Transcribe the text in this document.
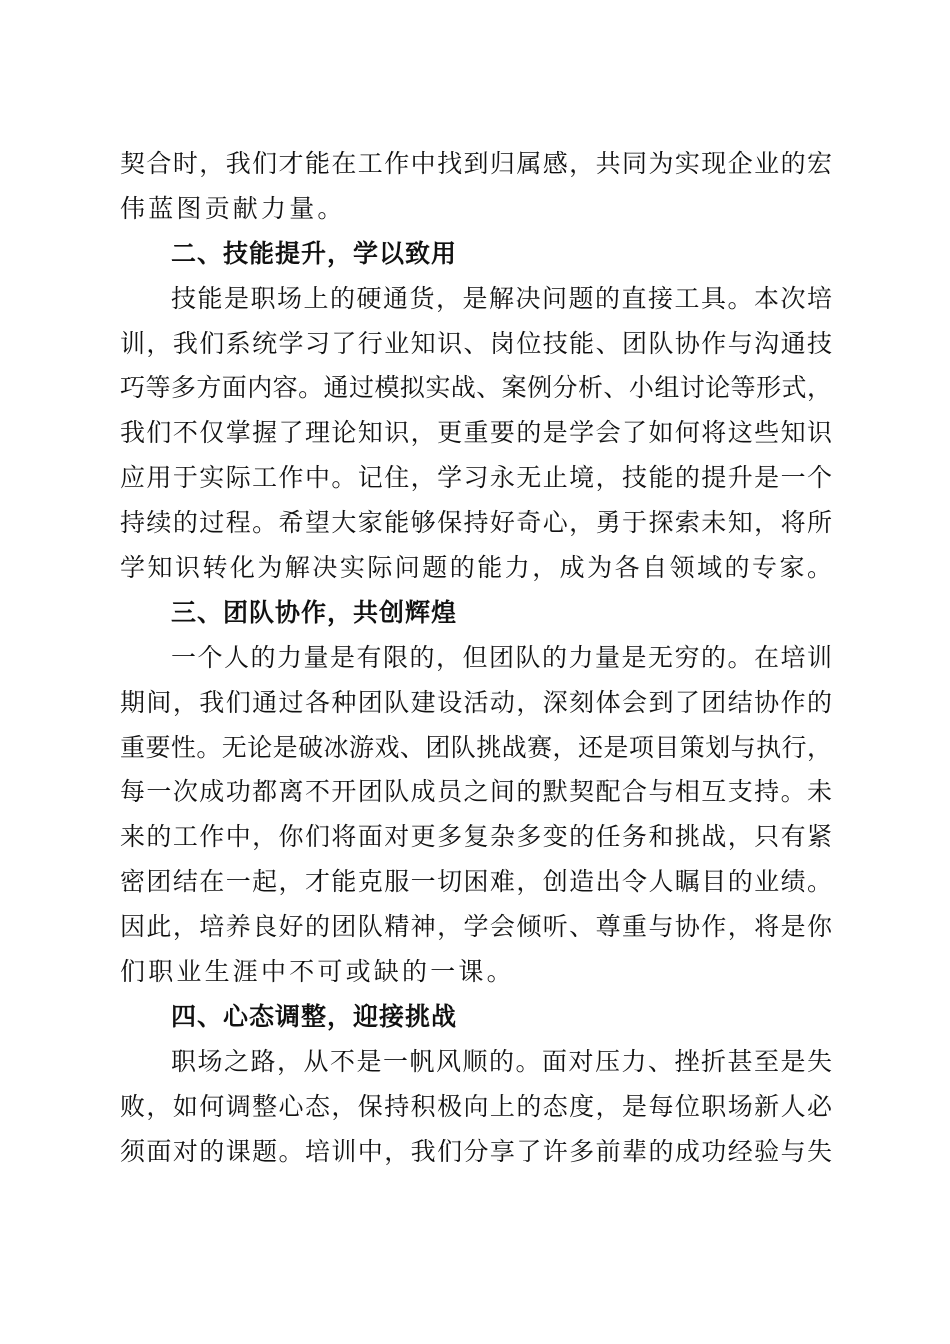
契合时，我们才能在工作中找到归属感，共同为实现企业的宏
伟蓝图贡献力量。
二、技能提升，学以致用
技能是职场上的硬通货，是解决问题的直接工具。本次培
训，我们系统学习了行业知识、岗位技能、团队协作与沟通技
巧等多方面内容。通过模拟实战、案例分析、小组讨论等形式，
我们不仅掌握了理论知识，更重要的是学会了如何将这些知识
应用于实际工作中。记住，学习永无止境，技能的提升是一个
持续的过程。希望大家能够保持好奇心，勇于探索未知，将所
学知识转化为解决实际问题的能力，成为各自领域的专家。
三、团队协作，共创辉煌
一个人的力量是有限的，但团队的力量是无穷的。在培训
期间，我们通过各种团队建设活动，深刻体会到了团结协作的
重要性。无论是破冰游戏、团队挑战赛，还是项目策划与执行，
每一次成功都离不开团队成员之间的默契配合与相互支持。未
来的工作中，你们将面对更多复杂多变的任务和挑战，只有紧
密团结在一起，才能克服一切困难，创造出令人瞩目的业绩。
因此，培养良好的团队精神，学会倾听、尊重与协作，将是你
们职业生涯中不可或缺的一课。
四、心态调整，迎接挑战
职场之路，从不是一帆风顺的。面对压力、挫折甚至是失
败，如何调整心态，保持积极向上的态度，是每位职场新人必
须面对的课题。培训中，我们分享了许多前辈的成功经验与失
